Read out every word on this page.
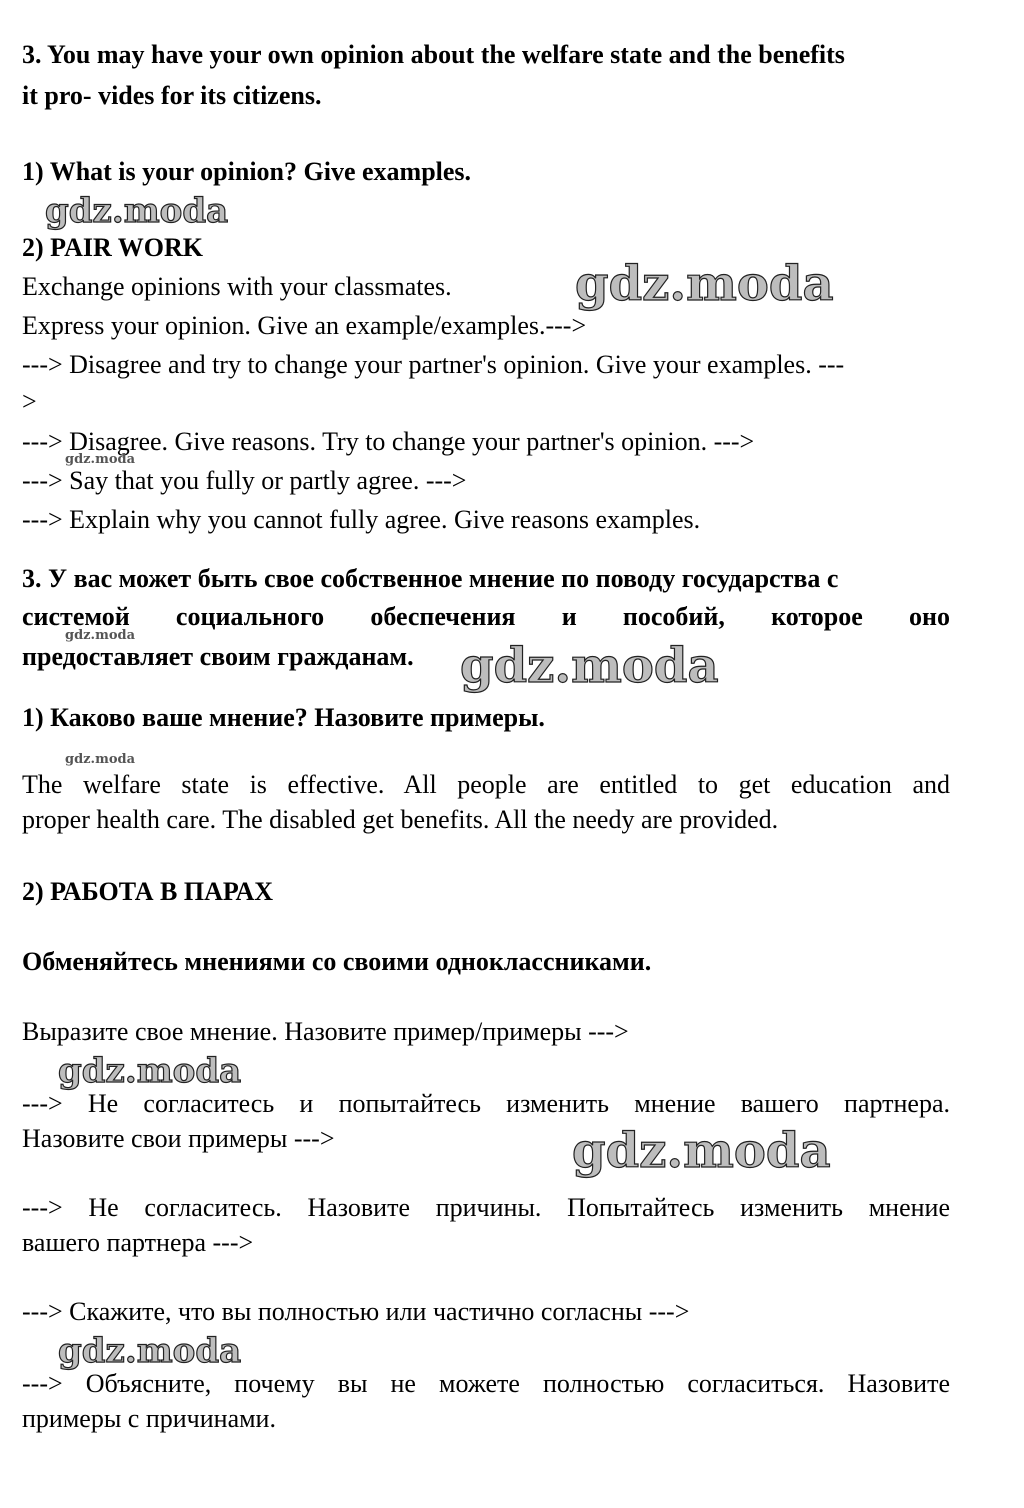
3. You may have your own opinion about the welfare state and the benefits
it pro- vides for its citizens.
1) What is your opinion? Give examples.
2) PAIR WORK
Exchange opinions with your classmates.
Express your opinion. Give an example/examples.--->
---> Disagree and try to change your partner's opinion. Give your examples. ---
>
---> Disagree. Give reasons. Try to change your partner's opinion. --->
---> Say that you fully or partly agree. --->
---> Explain why you cannot fully agree. Give reasons examples.
3. У вас может быть свое собственное мнение по поводу государства с
системой социального обеспечения и пособий, которое оно
предоставляет своим гражданам.
1) Каково ваше мнение? Назовите примеры.
The welfare state is effective. All people are entitled to get education and
proper health care. The disabled get benefits. All the needy are provided.
2) РАБОТА В ПАРАХ
Обменяйтесь мнениями со своими одноклассниками.
Выразите свое мнение. Назовите пример/примеры --->
---> Не согласитесь и попытайтесь изменить мнение вашего партнера.
Назовите свои примеры --->
---> Не согласитесь. Назовите причины. Попытайтесь изменить мнение
вашего партнера --->
---> Скажите, что вы полностью или частично согласны --->
---> Объясните, почему вы не можете полностью согласиться. Назовите
примеры с причинами.
gdz.moda
gdz.moda
gdz.moda
gdz.moda
gdz.moda
gdz.moda
gdz.moda
gdz.moda
gdz.moda
